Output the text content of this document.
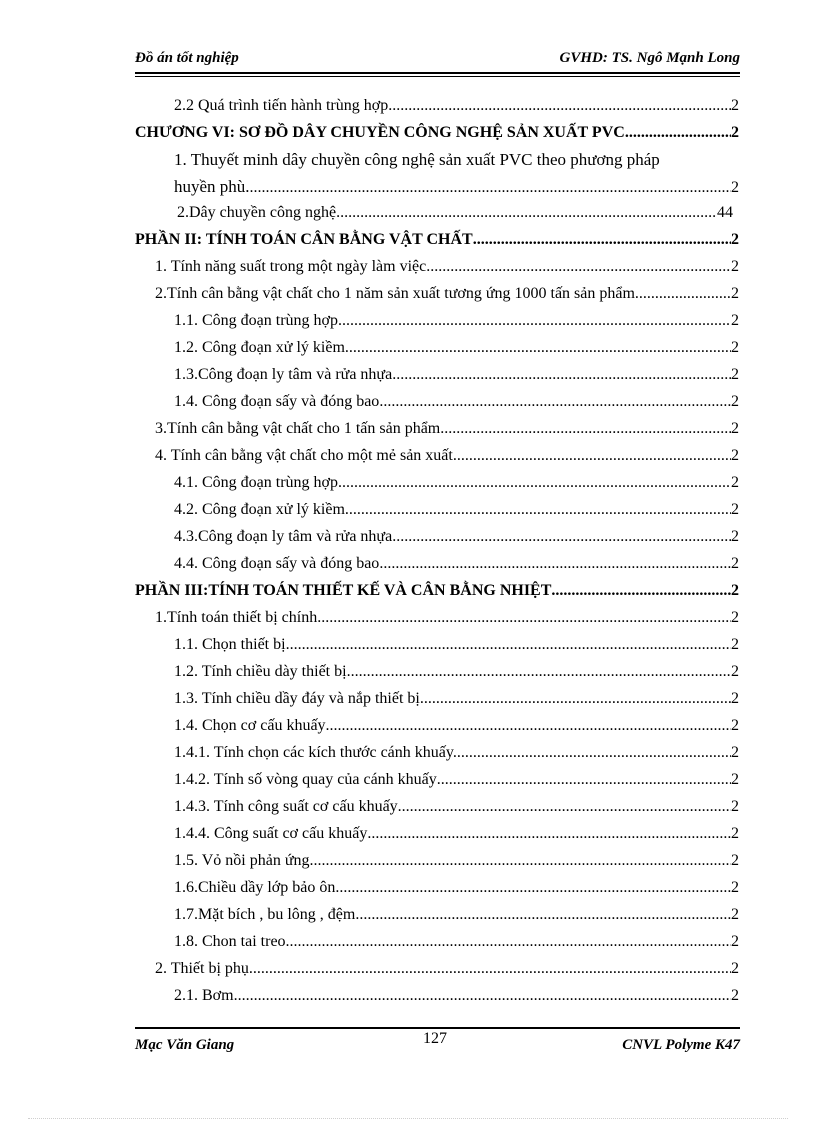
Đồ án tốt nghiệp	GVHD: TS. Ngô Mạnh Long
2.2 Quá trình tiến hành trùng hợp .....	2
CHƯƠNG VI: SƠ ĐỒ DÂY CHUYỀN CÔNG NGHỆ SẢN XUẤT PVC .....	2
1. Thuyết minh dây chuyền công nghệ sản xuất PVC theo phương pháp
huyền phù. .....	2
2.Dây chuyền công nghệ. .....	44
PHẦN II: TÍNH TOÁN CÂN BẰNG VẬT CHẤT .....	2
1. Tính năng suất trong một ngày làm việc. .....	2
2.Tính cân bằng vật chất cho 1 năm sản xuất tương ứng 1000 tấn sản phẩm .....	2
1.1. Công đoạn trùng hợp .....	2
1.2. Công đoạn xử lý kiềm .....	2
1.3.Công đoạn ly tâm và rửa nhựa .....	2
1.4. Công đoạn sấy và đóng bao .....	2
3.Tính cân bằng vật chất cho 1 tấn sản phẩm .....	2
4. Tính cân bằng vật chất cho một mẻ sản xuất .....	2
4.1. Công đoạn trùng hợp .....	2
4.2. Công đoạn xử lý kiềm .....	2
4.3.Công đoạn ly tâm và rửa nhựa .....	2
4.4. Công đoạn sấy và đóng bao .....	2
PHẦN III:TÍNH TOÁN THIẾT KẾ VÀ CÂN BẰNG NHIỆT .....	2
1.Tính toán thiết bị chính. .....	2
1.1. Chọn thiết bị .....	2
1.2. Tính chiều dày thiết bị .....	2
1.3. Tính chiều dầy đáy và nắp thiết bị. .....	2
1.4. Chọn cơ cấu khuấy .....	2
1.4.1. Tính chọn các kích thước cánh khuấy. .....	2
1.4.2. Tính số vòng quay của cánh khuấy .....	2
1.4.3. Tính công suất cơ cấu khuấy .....	2
1.4.4. Công suất cơ cấu khuấy .....	2
1.5. Vỏ nồi phản ứng .....	2
1.6.Chiều dầy lớp bảo ôn. .....	2
1.7.Mặt bích , bu lông , đệm .....	2
1.8. Chon tai treo .....	2
2. Thiết bị phụ .....	2
2.1. Bơm .....	2
Mạc Văn Giang	127	CNVL Polyme K47
